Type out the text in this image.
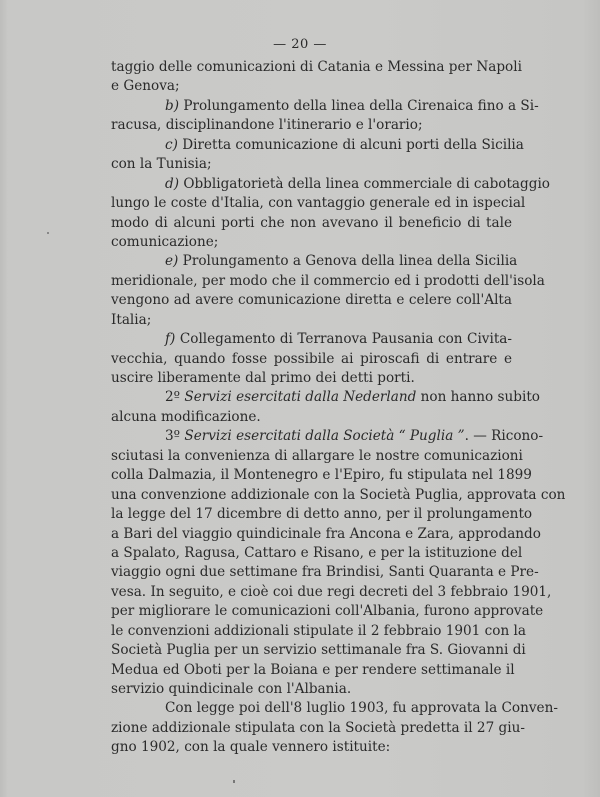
— 20 —
taggio delle comunicazioni di Catania e Messina per Napoli
e Genova;
b) Prolungamento della linea della Cirenaica fino a Si-
racusa, disciplinandone l'itinerario e l'orario;
c) Diretta comunicazione di alcuni porti della Sicilia
con la Tunisia;
d) Obbligatorietà della linea commerciale di cabotaggio
lungo le coste d'Italia, con vantaggio generale ed in ispecial
modo di alcuni porti che non avevano il beneficio di tale
comunicazione;
e) Prolungamento a Genova della linea della Sicilia
meridionale, per modo che il commercio ed i prodotti dell'isola
vengono ad avere comunicazione diretta e celere coll'Alta
Italia;
f) Collegamento di Terranova Pausania con Civita-
vecchia, quando fosse possibile ai piroscafi di entrare e
uscire liberamente dal primo dei detti porti.
2º Servizi esercitati dalla Nederland non hanno subito
alcuna modificazione.
3º Servizi esercitati dalla Società “ Puglia ”. — Ricono-
sciutasi la convenienza di allargare le nostre comunicazioni
colla Dalmazia, il Montenegro e l'Epiro, fu stipulata nel 1899
una convenzione addizionale con la Società Puglia, approvata con
la legge del 17 dicembre di detto anno, per il prolungamento
a Bari del viaggio quindicinale fra Ancona e Zara, approdando
a Spalato, Ragusa, Cattaro e Risano, e per la istituzione del
viaggio ogni due settimane fra Brindisi, Santi Quaranta e Pre-
vesa. In seguito, e cioè coi due regi decreti del 3 febbraio 1901,
per migliorare le comunicazioni coll'Albania, furono approvate
le convenzioni addizionali stipulate il 2 febbraio 1901 con la
Società Puglia per un servizio settimanale fra S. Giovanni di
Medua ed Oboti per la Boiana e per rendere settimanale il
servizio quindicinale con l'Albania.
Con legge poi dell'8 luglio 1903, fu approvata la Conven-
zione addizionale stipulata con la Società predetta il 27 giu-
gno 1902, con la quale vennero istituite:
